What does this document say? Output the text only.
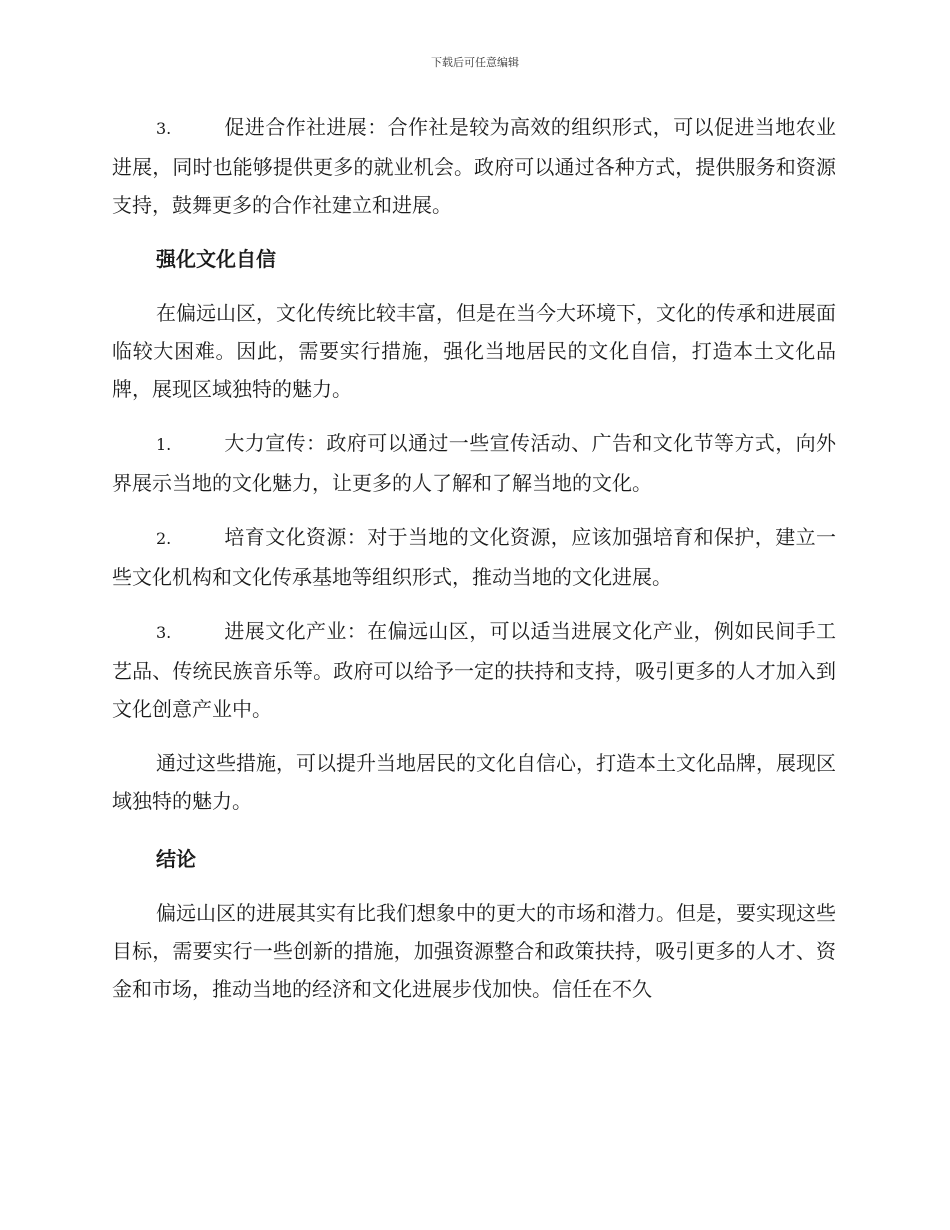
下载后可任意编辑

3.	促进合作社进展：合作社是较为高效的组织形式，可以促进当地农业进展，同时也能够提供更多的就业机会。政府可以通过各种方式，提供服务和资源支持，鼓舞更多的合作社建立和进展。

强化文化自信

在偏远山区，文化传统比较丰富，但是在当今大环境下，文化的传承和进展面临较大困难。因此，需要实行措施，强化当地居民的文化自信，打造本土文化品牌，展现区域独特的魅力。

1.	大力宣传：政府可以通过一些宣传活动、广告和文化节等方式，向外界展示当地的文化魅力，让更多的人了解和了解当地的文化。

2.	培育文化资源：对于当地的文化资源，应该加强培育和保护，建立一些文化机构和文化传承基地等组织形式，推动当地的文化进展。

3.	进展文化产业：在偏远山区，可以适当进展文化产业，例如民间手工艺品、传统民族音乐等。政府可以给予一定的扶持和支持，吸引更多的人才加入到文化创意产业中。

通过这些措施，可以提升当地居民的文化自信心，打造本土文化品牌，展现区域独特的魅力。

结论

偏远山区的进展其实有比我们想象中的更大的市场和潜力。但是，要实现这些目标，需要实行一些创新的措施，加强资源整合和政策扶持，吸引更多的人才、资金和市场，推动当地的经济和文化进展步伐加快。信任在不久
